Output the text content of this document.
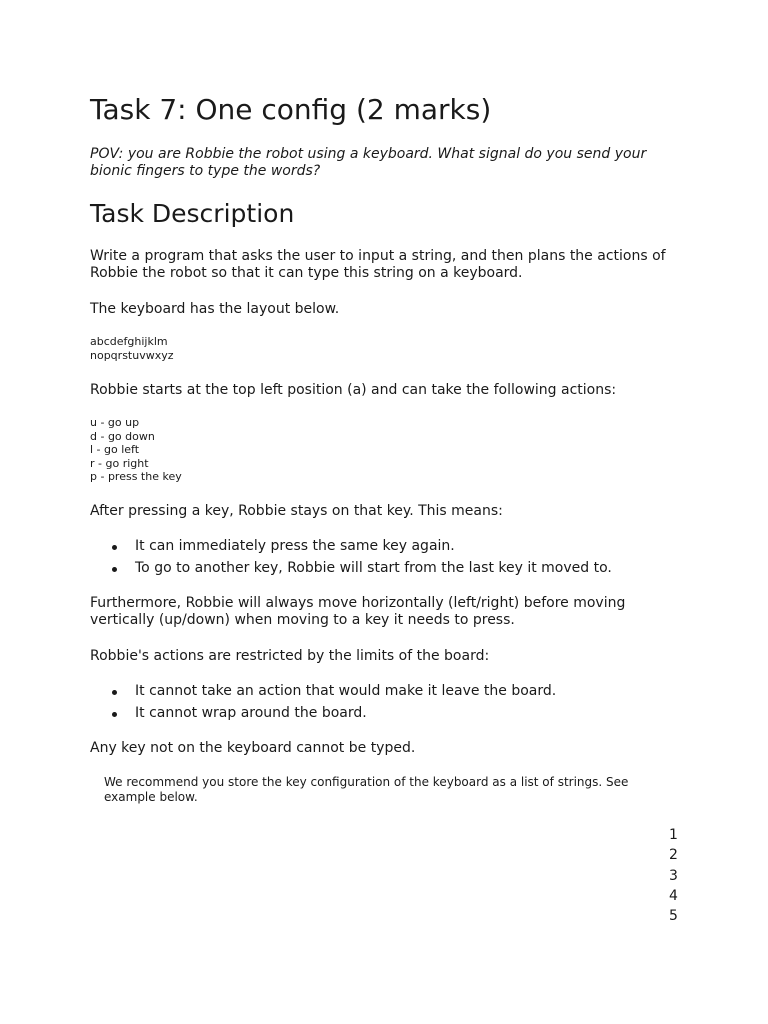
Task 7: One config (2 marks)

POV: you are Robbie the robot using a keyboard. What signal do you send your bionic fingers to type the words?

Task Description

Write a program that asks the user to input a string, and then plans the actions of Robbie the robot so that it can type this string on a keyboard.

The keyboard has the layout below.

abcdefghijklm
nopqrstuvwxyz

Robbie starts at the top left position (a) and can take the following actions:

u - go up
d - go down
l - go left
r - go right
p - press the key

After pressing a key, Robbie stays on that key. This means:

It can immediately press the same key again.
To go to another key, Robbie will start from the last key it moved to.

Furthermore, Robbie will always move horizontally (left/right) before moving vertically (up/down) when moving to a key it needs to press.

Robbie's actions are restricted by the limits of the board:

It cannot take an action that would make it leave the board.
It cannot wrap around the board.

Any key not on the keyboard cannot be typed.

We recommend you store the key configuration of the keyboard as a list of strings. See example below.

1
2
3
4
5
